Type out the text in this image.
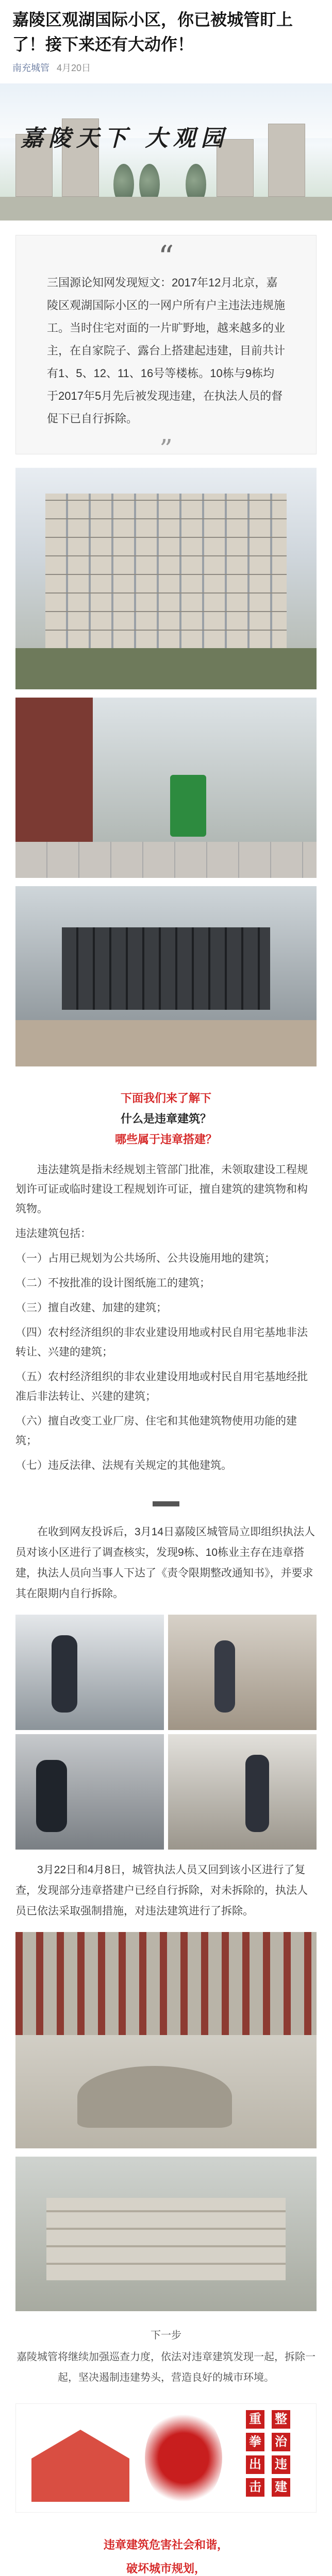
嘉陵区观湖国际小区，你已被城管盯上了！接下来还有大动作！
南充城管 4月20日
嘉陵天下 大观园
“
三国源论知网发现短文：2017年12月北京，嘉陵区观湖国际小区的一网户所有户主违法违规施工。当时住宅对面的一片旷野地，越来越多的业主，在自家院子、露台上搭建起违建，目前共计有1、5、12、11、16号等楼栋。10栋与9栋均于2017年5月先后被发现违建，在执法人员的督促下已自行拆除。
”
下面我们来了解下
什么是违章建筑？
哪些属于违章搭建？

违法建筑是指未经规划主管部门批准，未领取建设工程规划许可证或临时建设工程规划许可证，擅自建筑的建筑物和构筑物。

违法建筑包括：
（一）占用已规划为公共场所、公共设施用地的建筑；
（二）不按批准的设计图纸施工的建筑；
（三）擅自改建、加建的建筑；
（四）农村经济组织的非农业建设用地或村民自用宅基地非法转让、兴建的建筑；
（五）农村经济组织的非农业建设用地或村民自用宅基地经批准后非法转让、兴建的建筑；
（六）擅自改变工业厂房、住宅和其他建筑物使用功能的建筑；
（七）违反法律、法规有关规定的其他建筑。
在收到网友投诉后，3月14日嘉陵区城管局立即组织执法人员对该小区进行了调查核实，发现9栋、10栋业主存在违章搭建，执法人员向当事人下达了《责令限期整改通知书》，并要求其在限期内自行拆除。
3月22日和4月8日，城管执法人员又回到该小区进行了复查，发现部分违章搭建户已经自行拆除，对未拆除的，执法人员已依法采取强制措施，对违法建筑进行了拆除。
下一步
嘉陵城管将继续加强巡查力度，依法对违章建筑发现一起，拆除一起，坚决遏制违建势头，营造良好的城市环境。
整
治
违
建
重
拳
出
击
违章建筑危害社会和谐，
破坏城市规划，
